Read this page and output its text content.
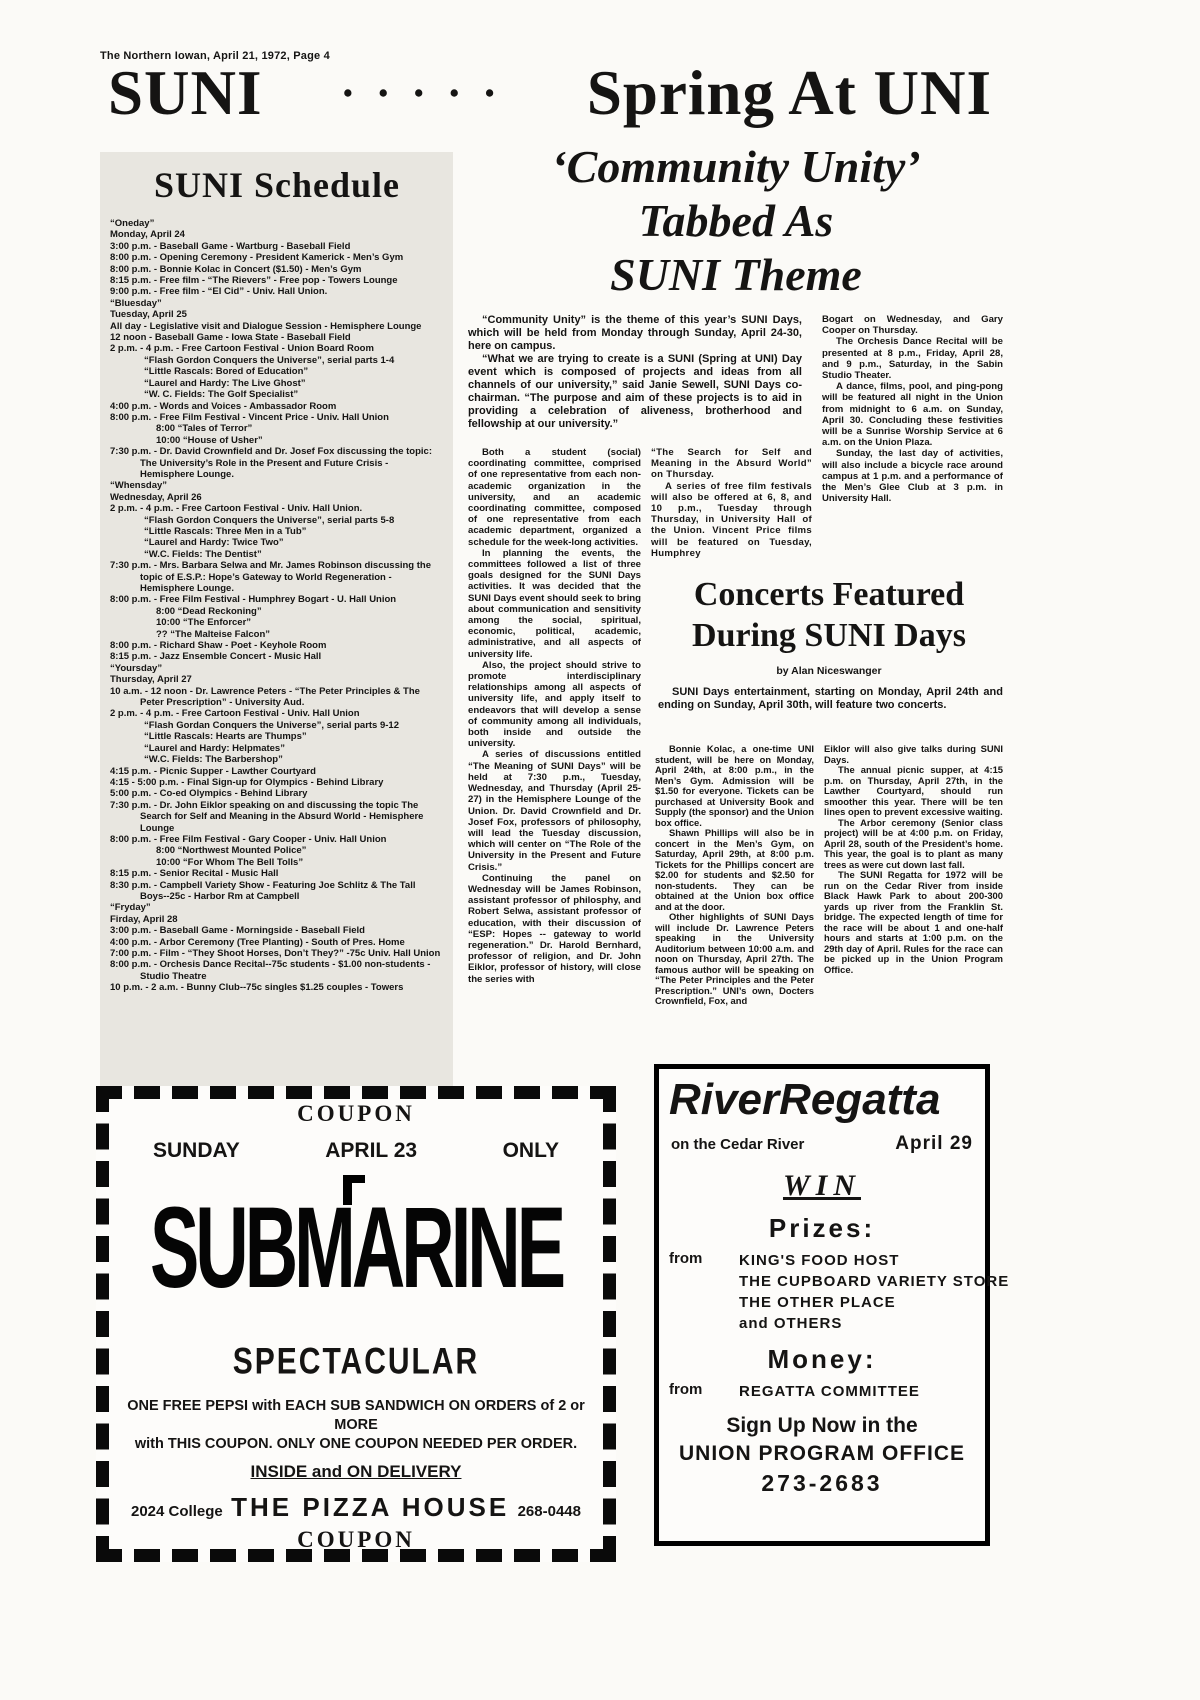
The Northern Iowan, April 21, 1972, Page 4
SUNI	••••• Spring At UNI
SUNI Schedule
“Oneday”
Monday, April 24
3:00 p.m. - Baseball Game - Wartburg - Baseball Field
8:00 p.m. - Opening Ceremony - President Kamerick - Men’s Gym
8:00 p.m. - Bonnie Kolac in Concert ($1.50) - Men’s Gym
8:15 p.m. - Free film - “The Rievers” - Free pop - Towers Lounge
9:00 p.m. - Free film - “El Cid” - Univ. Hall Union.
“Bluesday”
Tuesday, April 25
All day - Legislative visit and Dialogue Session - Hemisphere Lounge
12 noon - Baseball Game - Iowa State - Baseball Field
2 p.m. - 4 p.m. - Free Cartoon Festival - Union Board Room
“Flash Gordon Conquers the Universe”, serial parts 1-4
“Little Rascals: Bored of Education”
“Laurel and Hardy: The Live Ghost”
“W. C. Fields: The Golf Specialist”
4:00 p.m. - Words and Voices - Ambassador Room
8:00 p.m. - Free Film Festival - Vincent Price - Univ. Hall Union
8:00 “Tales of Terror”
10:00 “House of Usher”
7:30 p.m. - Dr. David Crownfield and Dr. Josef Fox discussing the topic: The University’s Role in the Present and Future Crisis - Hemisphere Lounge.
“Whensday”
Wednesday, April 26
2 p.m. - 4 p.m. - Free Cartoon Festival - Univ. Hall Union.
“Flash Gordon Conquers the Universe”, serial parts 5-8
“Little Rascals: Three Men in a Tub”
“Laurel and Hardy: Twice Two”
“W.C. Fields: The Dentist”
7:30 p.m. - Mrs. Barbara Selwa and Mr. James Robinson discussing the topic of E.S.P.: Hope’s Gateway to World Regeneration - Hemisphere Lounge.
8:00 p.m. - Free Film Festival - Humphrey Bogart - U. Hall Union
8:00 “Dead Reckoning”
10:00 “The Enforcer”
?? “The Malteise Falcon”
8:00 p.m. - Richard Shaw - Poet - Keyhole Room
8:15 p.m. - Jazz Ensemble Concert - Music Hall
“Yoursday”
Thursday, April 27
10 a.m. - 12 noon - Dr. Lawrence Peters - “The Peter Principles & The Peter Prescription” - University Aud.
2 p.m. - 4 p.m. - Free Cartoon Festival - Univ. Hall Union
“Flash Gordan Conquers the Universe”, serial parts 9-12
“Little Rascals: Hearts are Thumps”
“Laurel and Hardy: Helpmates”
“W.C. Fields: The Barbershop”
4:15 p.m. - Picnic Supper - Lawther Courtyard
4:15 - 5:00 p.m. - Final Sign-up for Olympics - Behind Library
5:00 p.m. - Co-ed Olympics - Behind Library
7:30 p.m. - Dr. John Eiklor speaking on and discussing the topic The Search for Self and Meaning in the Absurd World - Hemisphere Lounge
8:00 p.m. - Free Film Festival - Gary Cooper - Univ. Hall Union
8:00 “Northwest Mounted Police”
10:00 “For Whom The Bell Tolls”
8:15 p.m. - Senior Recital - Music Hall
8:30 p.m. - Campbell Variety Show - Featuring Joe Schlitz & The Tall Boys--25c - Harbor Rm at Campbell
“Fryday”
Firday, April 28
3:00 p.m. - Baseball Game - Morningside - Baseball Field
4:00 p.m. - Arbor Ceremony (Tree Planting) - South of Pres. Home
7:00 p.m. - Film - “They Shoot Horses, Don’t They?” -75c Univ. Hall Union
8:00 p.m. - Orchesis Dance Recital--75c students - $1.00 non-students - Studio Theatre
10 p.m. - 2 a.m. - Bunny Club--75c singles $1.25 couples - Towers
‘Community Unity’
Tabbed As
SUNI Theme
“Community Unity” is the theme of this year’s SUNI Days, which will be held from Monday through Sunday, April 24-30, here on campus.
“What we are trying to create is a SUNI (Spring at UNI) Day event which is composed of projects and ideas from all channels of our university,” said Janie Sewell, SUNI Days co-chairman. “The purpose and aim of these projects is to aid in providing a celebration of aliveness, brotherhood and fellowship at our university.”
Both a student (social) coordinating committee, comprised of one representative from each non-academic organization in the university, and an academic coordinating committee, composed of one representative from each academic department, organized a schedule for the week-long activities.
In planning the events, the committees followed a list of three goals designed for the SUNI Days activities. It was decided that the SUNI Days event should seek to bring about communication and sensitivity among the social, spiritual, economic, political, academic, administrative, and all aspects of university life.
Also, the project should strive to promote interdisciplinary relationships among all aspects of university life, and apply itself to endeavors that will develop a sense of community among all individuals, both inside and outside the university.
A series of discussions entitled “The Meaning of SUNI Days” will be held at 7:30 p.m., Tuesday, Wednesday, and Thursday (April 25-27) in the Hemisphere Lounge of the Union. Dr. David Crownfield and Dr. Josef Fox, professors of philosophy, will lead the Tuesday discussion, which will center on “The Role of the University in the Present and Future Crisis.”
Continuing the panel on Wednesday will be James Robinson, assistant professor of philosphy, and Robert Selwa, assistant professor of education, with their discussion of “ESP: Hopes -- gateway to world regeneration.” Dr. Harold Bernhard, professor of religion, and Dr. John Eiklor, professor of history, will close the series with
“The Search for Self and Meaning in the Absurd World” on Thursday.
A series of free film festivals will also be offered at 6, 8, and 10 p.m., Tuesday through Thursday, in University Hall of the Union. Vincent Price films will be featured on Tuesday, Humphrey
Bogart on Wednesday, and Gary Cooper on Thursday.
The Orchesis Dance Recital will be presented at 8 p.m., Friday, April 28, and 9 p.m., Saturday, in the Sabin Studio Theater.
A dance, films, pool, and ping-pong will be featured all night in the Union from midnight to 6 a.m. on Sunday, April 30. Concluding these festivities will be a Sunrise Worship Service at 6 a.m. on the Union Plaza.
Sunday, the last day of activities, will also include a bicycle race around campus at 1 p.m. and a performance of the Men’s Glee Club at 3 p.m. in University Hall.
Concerts Featured
During SUNI Days
by Alan Niceswanger
SUNI Days entertainment, starting on Monday, April 24th and ending on Sunday, April 30th, will feature two concerts.
Bonnie Kolac, a one-time UNI student, will be here on Monday, April 24th, at 8:00 p.m., in the Men’s Gym. Admission will be $1.50 for everyone. Tickets can be purchased at University Book and Supply (the sponsor) and the Union box office.
Shawn Phillips will also be in concert in the Men’s Gym, on Saturday, April 29th, at 8:00 p.m. Tickets for the Phillips concert are $2.00 for students and $2.50 for non-students. They can be obtained at the Union box office and at the door.
Other highlights of SUNI Days will include Dr. Lawrence Peters speaking in the University Auditorium between 10:00 a.m. and noon on Thursday, April 27th. The famous author will be speaking on “The Peter Principles and the Peter Prescription.” UNI’s own, Docters Crownfield, Fox, and
Eiklor will also give talks during SUNI Days.
The annual picnic supper, at 4:15 p.m. on Thursday, April 27th, in the Lawther Courtyard, should run smoother this year. There will be ten lines open to prevent excessive waiting.
The Arbor ceremony (Senior class project) will be at 4:00 p.m. on Friday, April 28, south of the President’s home. This year, the goal is to plant as many trees as were cut down last fall.
The SUNI Regatta for 1972 will be run on the Cedar River from inside Black Hawk Park to about 200-300 yards up river from the Franklin St. bridge. The expected length of time for the race will be about 1 and one-half hours and starts at 1:00 p.m. on the 29th day of April. Rules for the race can be picked up in the Union Program Office.
COUPON
SUNDAY	APRIL 23	ONLY
SUBMARINE
SPECTACULAR
ONE FREE PEPSI with EACH SUB SANDWICH ON ORDERS of 2 or MORE
with THIS COUPON. ONLY ONE COUPON NEEDED PER ORDER.
INSIDE and ON DELIVERY
2024 College THE PIZZA HOUSE 268-0448
COUPON
RiverRegatta
on the Cedar River	April 29
WIN
Prizes:
from	KING'S FOOD HOST
THE CUPBOARD VARIETY STORE
THE OTHER PLACE
and OTHERS
Money:
from	REGATTA COMMITTEE
Sign Up Now in the
UNION PROGRAM OFFICE
273-2683
